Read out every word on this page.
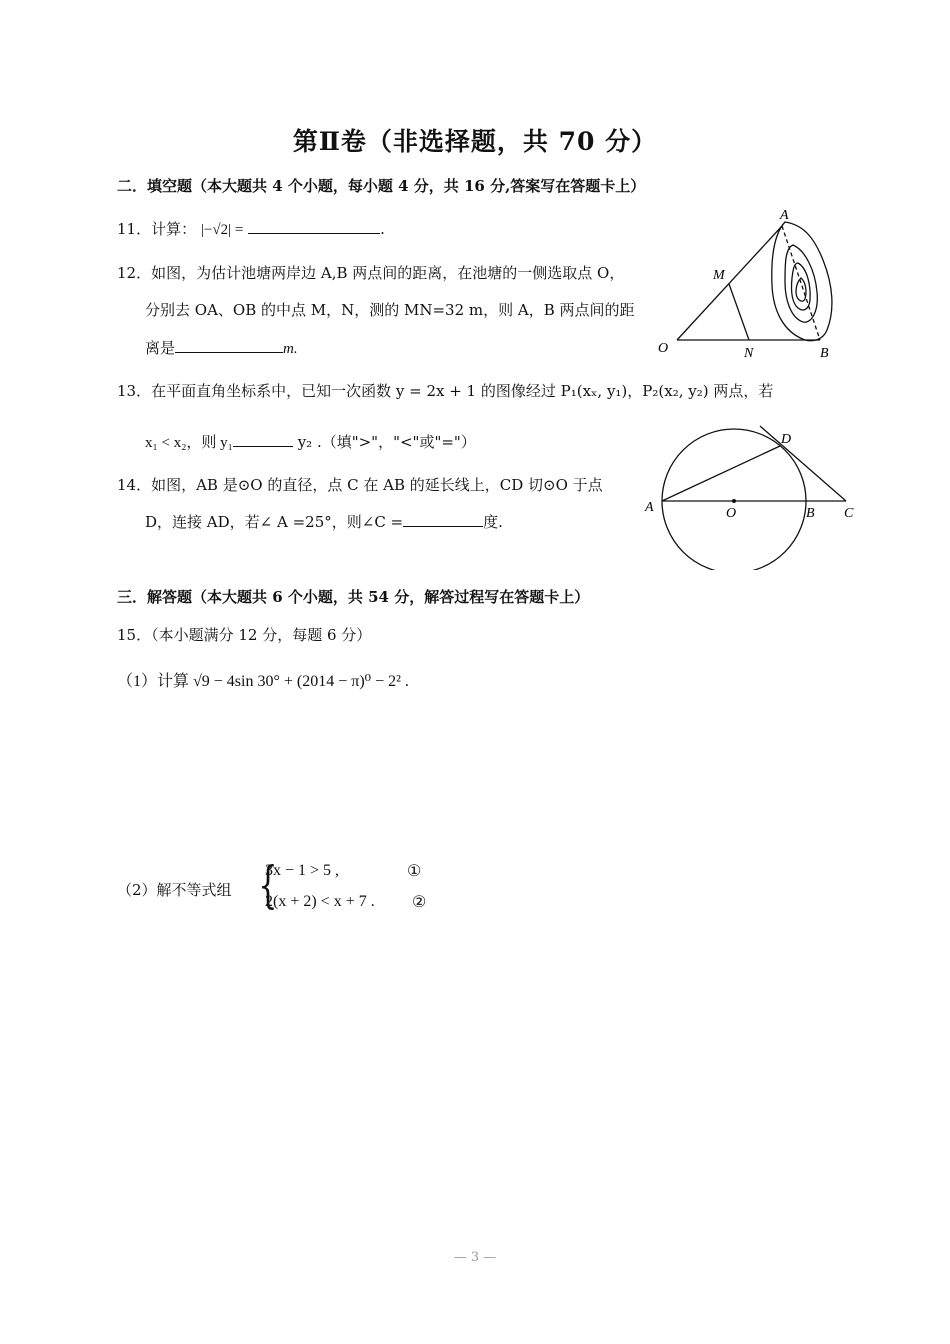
第Ⅱ卷（非选择题，共 70 分）
二．填空题（本大题共 4 个小题，每小题 4 分，共 16 分,答案写在答题卡上）
11．计算： |−√2| =	.
12．如图，为估计池塘两岸边 A,B 两点间的距离，在池塘的一侧选取点 O，
分别去 OA、OB 的中点 M，N，测的 MN=32 m，则 A，B 两点间的距
离是	m.
A
M
O	N	B
13．在平面直角坐标系中，已知一次函数 y = 2x + 1 的图像经过 P₁(xₓ, y₁)，P₂(x₂, y₂) 两点，若
x₁ < x₂，则 y₁	y₂ .（填">"，"<"或"="）
14．如图，AB 是⊙O 的直径，点 C 在 AB 的延长线上，CD 切⊙O 于点
D，连接 AD，若∠ A =25°，则∠C =	度.
A	O	B C
D
三．解答题（本大题共 6 个小题，共 54 分，解答过程写在答题卡上）
15．（本小题满分 12 分，每题 6 分）
（1）计算 √9 − 4sin 30° + (2014 − π)⁰ − 2² .
（2）解不等式组 {
3x − 1 > 5 ,	①
2(x + 2) < x + 7 . ②
— 3 —
